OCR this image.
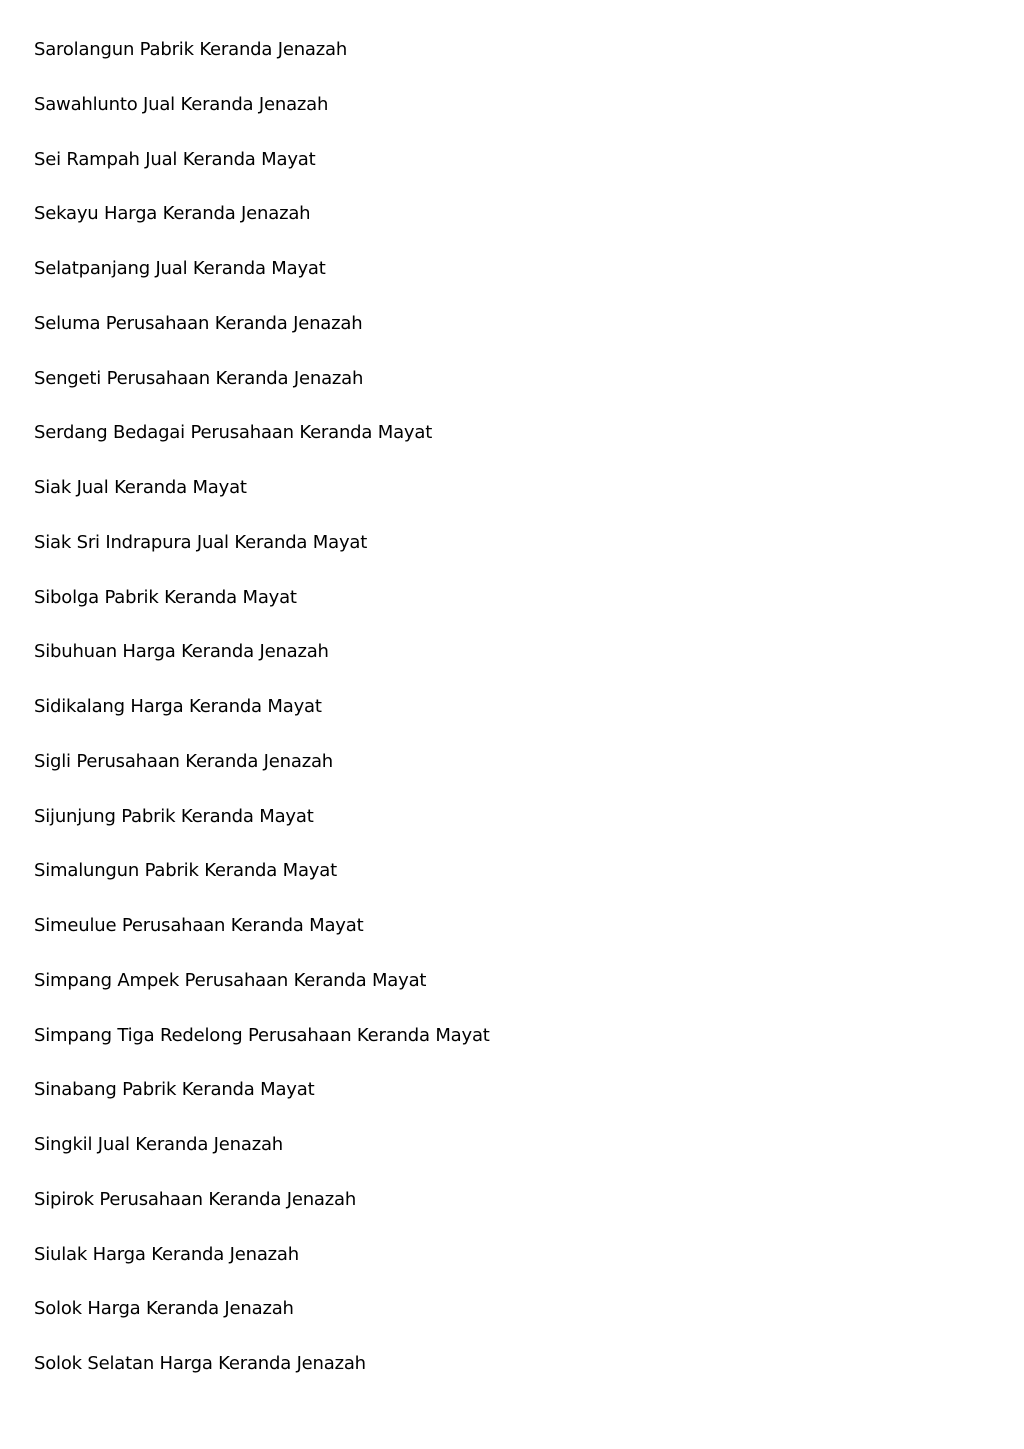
Sarolangun Pabrik Keranda Jenazah
Sawahlunto Jual Keranda Jenazah
Sei Rampah Jual Keranda Mayat
Sekayu Harga Keranda Jenazah
Selatpanjang Jual Keranda Mayat
Seluma Perusahaan Keranda Jenazah
Sengeti Perusahaan Keranda Jenazah
Serdang Bedagai Perusahaan Keranda Mayat
Siak Jual Keranda Mayat
Siak Sri Indrapura Jual Keranda Mayat
Sibolga Pabrik Keranda Mayat
Sibuhuan Harga Keranda Jenazah
Sidikalang Harga Keranda Mayat
Sigli Perusahaan Keranda Jenazah
Sijunjung Pabrik Keranda Mayat
Simalungun Pabrik Keranda Mayat
Simeulue Perusahaan Keranda Mayat
Simpang Ampek Perusahaan Keranda Mayat
Simpang Tiga Redelong Perusahaan Keranda Mayat
Sinabang Pabrik Keranda Mayat
Singkil Jual Keranda Jenazah
Sipirok Perusahaan Keranda Jenazah
Siulak Harga Keranda Jenazah
Solok Harga Keranda Jenazah
Solok Selatan Harga Keranda Jenazah
